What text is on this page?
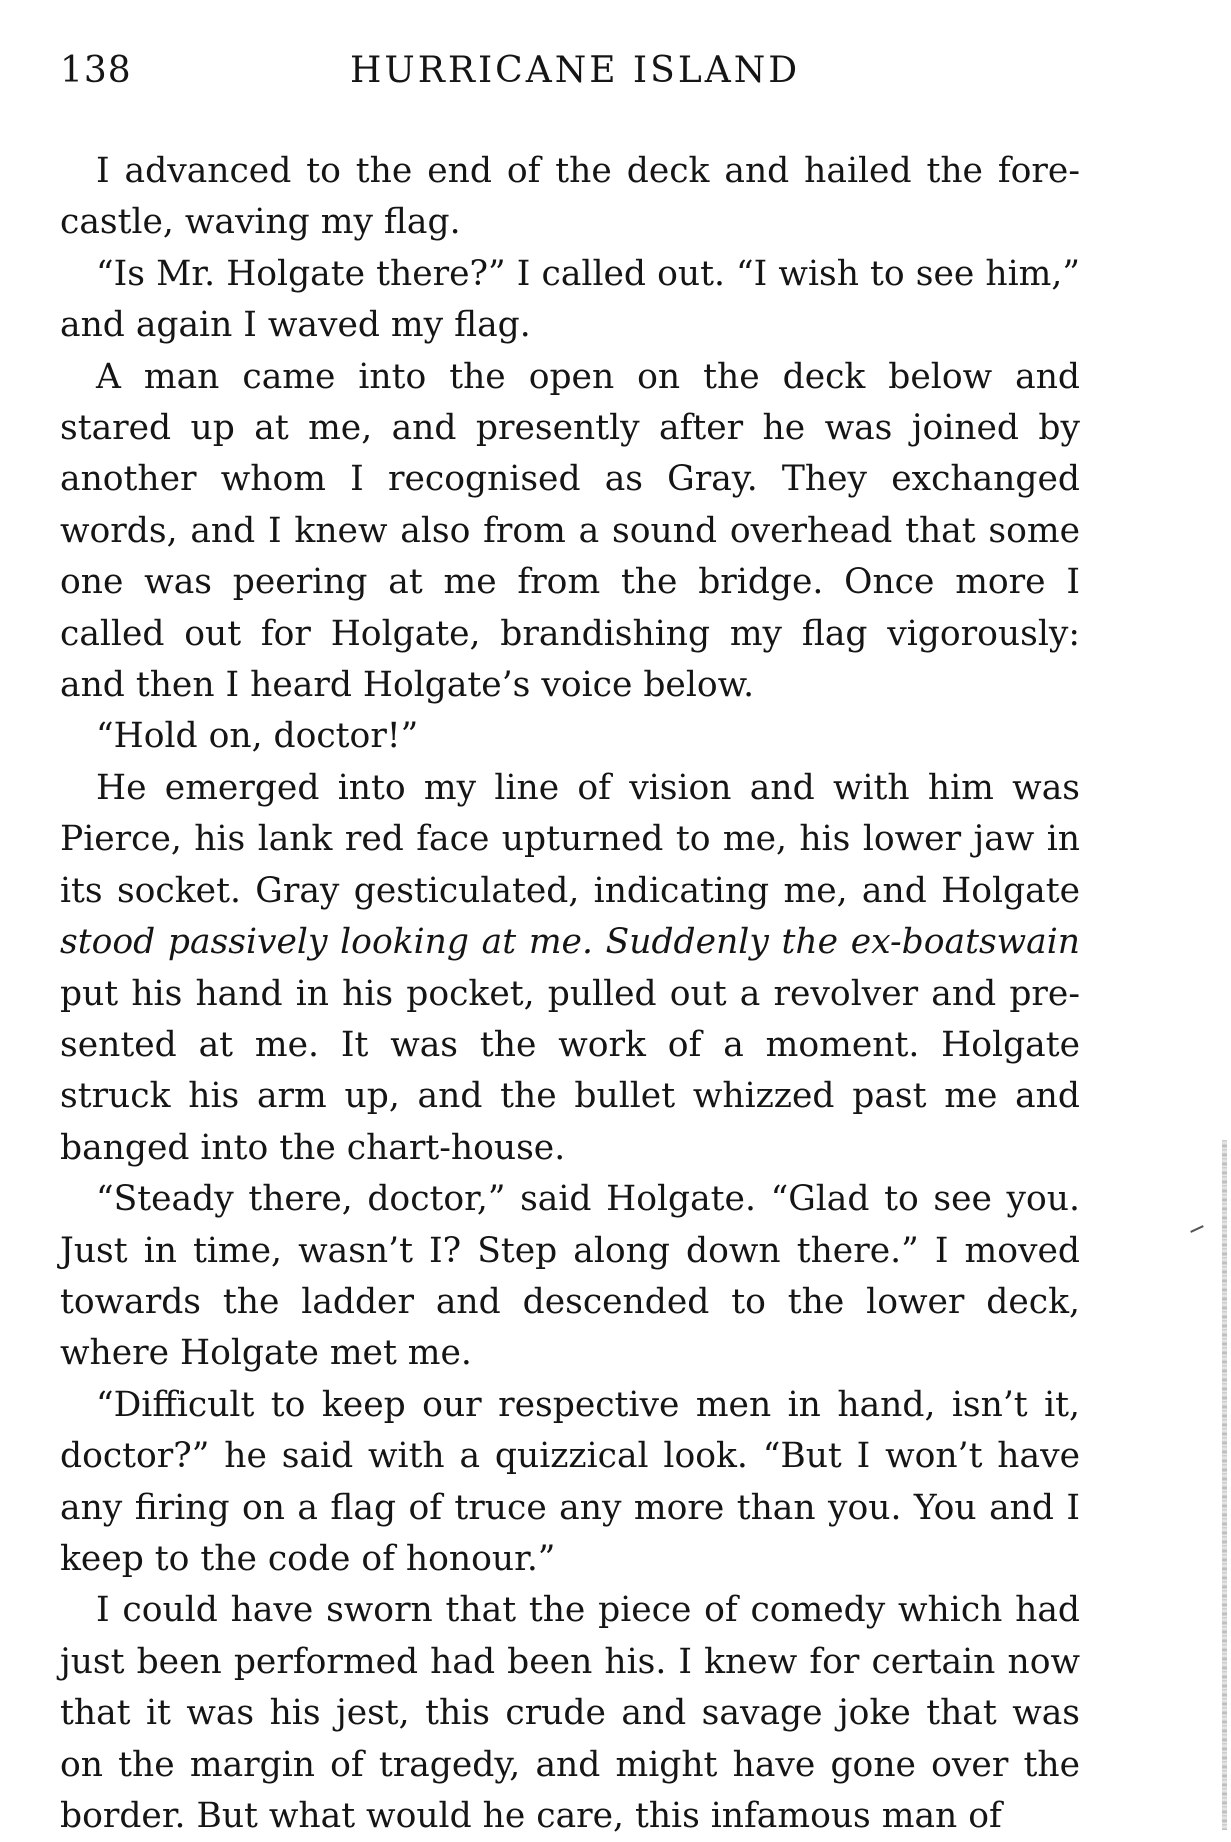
138	HURRICANE ISLAND

I advanced to the end of the deck and hailed the forecastle, waving my flag.

“Is Mr. Holgate there?” I called out. “I wish to see him,” and again I waved my flag.

A man came into the open on the deck below and stared up at me, and presently after he was joined by another whom I recognised as Gray. They exchanged words, and I knew also from a sound overhead that some one was peering at me from the bridge. Once more I called out for Holgate, brandishing my flag vigorously: and then I heard Holgate’s voice below.

“Hold on, doctor!”

He emerged into my line of vision and with him was Pierce, his lank red face upturned to me, his lower jaw in its socket. Gray gesticulated, indicating me, and Holgate stood passively looking at me. Suddenly the ex-boatswain put his hand in his pocket, pulled out a revolver and presented at me. It was the work of a moment. Holgate struck his arm up, and the bullet whizzed past me and banged into the chart-house.

“Steady there, doctor,” said Holgate. “Glad to see you. Just in time, wasn’t I? Step along down there.” I moved towards the ladder and descended to the lower deck, where Holgate met me.

“Difficult to keep our respective men in hand, isn’t it, doctor?” he said with a quizzical look. “But I won’t have any firing on a flag of truce any more than you. You and I keep to the code of honour.”

I could have sworn that the piece of comedy which had just been performed had been his. I knew for certain now that it was his jest, this crude and savage joke that was on the margin of tragedy, and might have gone over the border. But what would he care, this infamous man of
